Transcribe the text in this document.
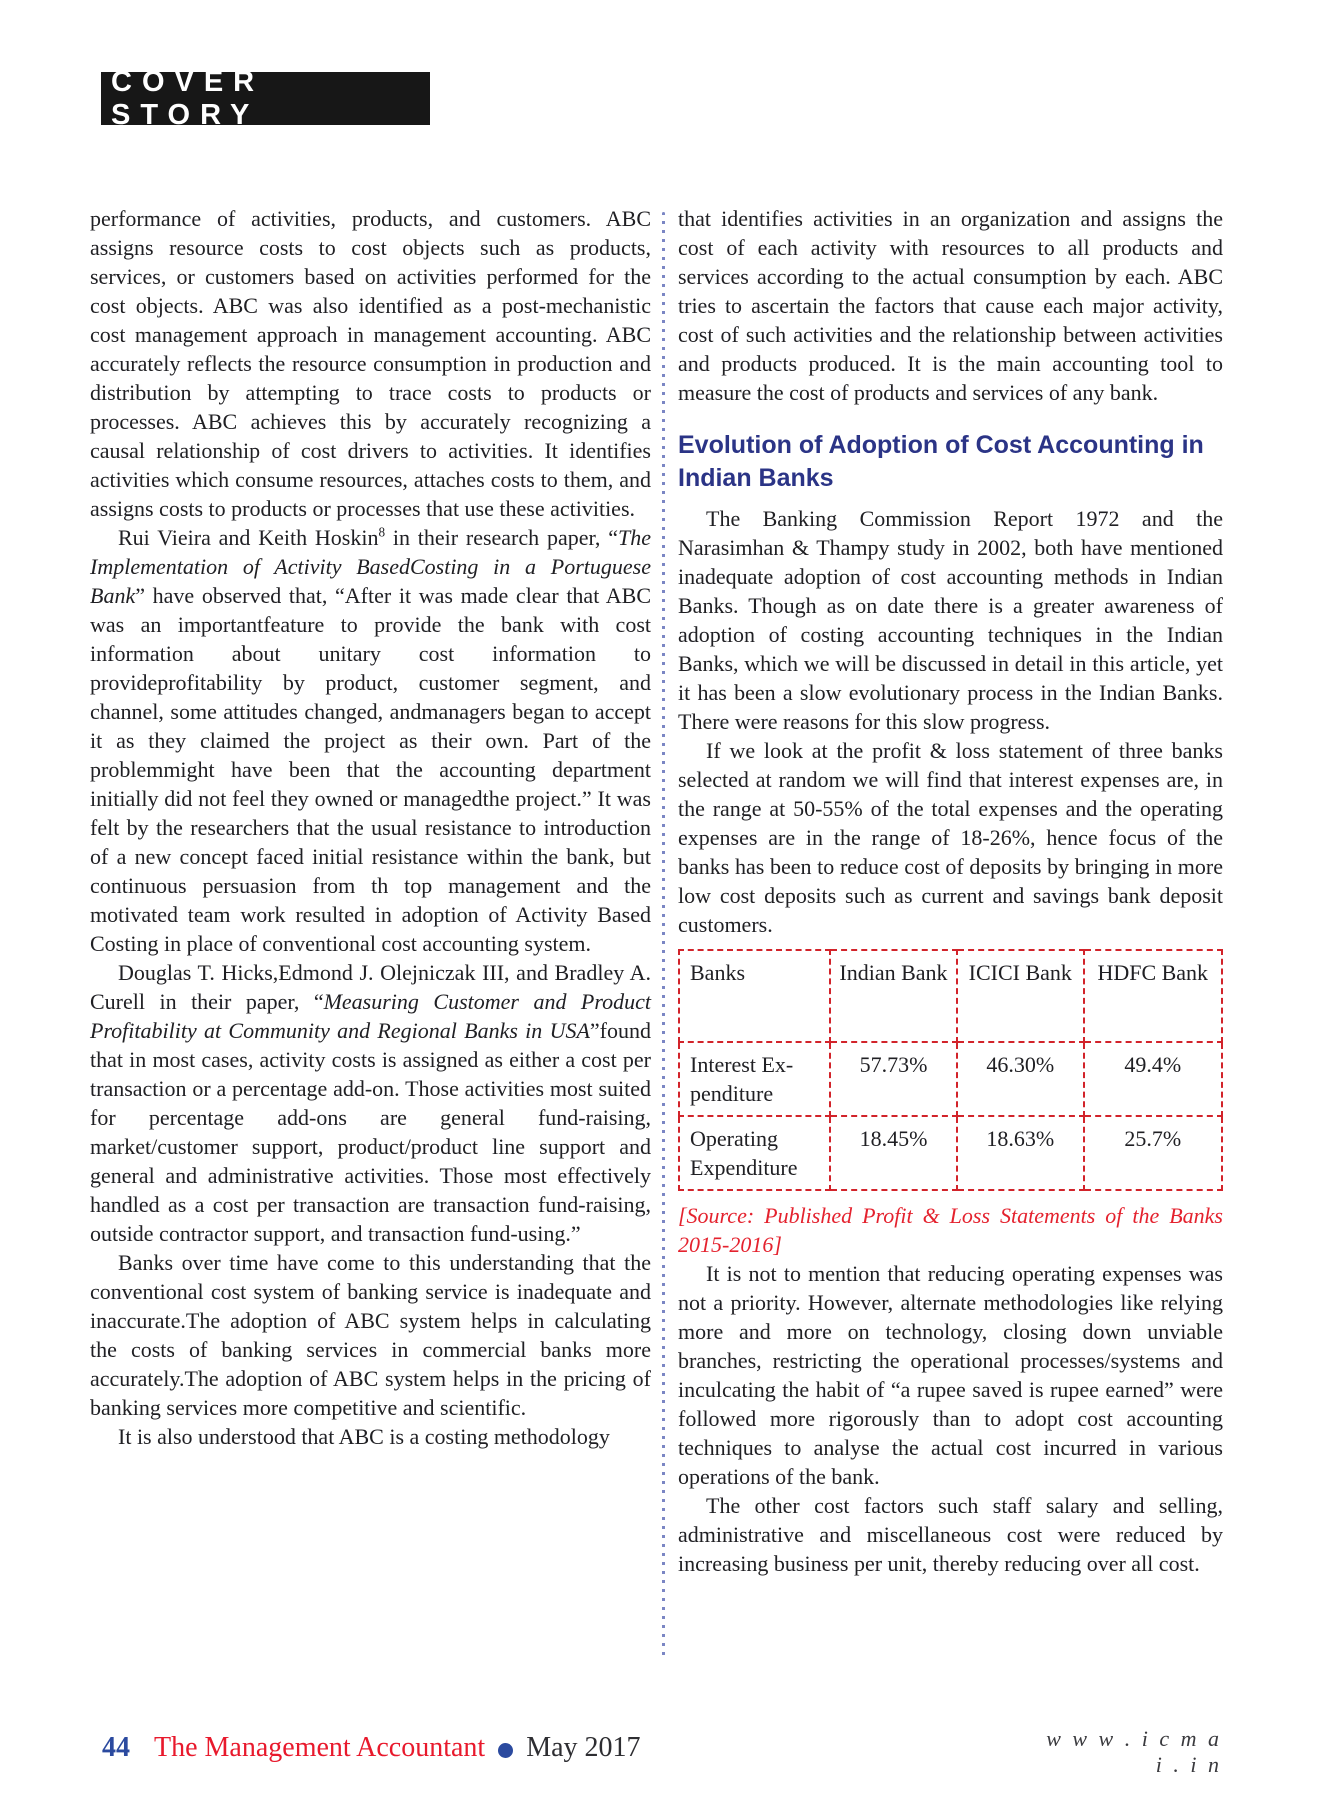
COVER STORY

performance of activities, products, and customers. ABC assigns resource costs to cost objects such as products, services, or customers based on activities performed for the cost objects. ABC was also identified as a post-mechanistic cost management approach in management accounting. ABC accurately reflects the resource consumption in production and distribution by attempting to trace costs to products or processes. ABC achieves this by accurately recognizing a causal relationship of cost drivers to activities. It identifies activities which consume resources, attaches costs to them, and assigns costs to products or processes that use these activities.

Rui Vieira and Keith Hoskin$^8$ in their research paper, “The Implementation of Activity BasedCosting in a Portuguese Bank” have observed that, “After it was made clear that ABC was an importantfeature to provide the bank with cost information about unitary cost information to provideprofitability by product, customer segment, and channel, some attitudes changed, andmanagers began to accept it as they claimed the project as their own. Part of the problemmight have been that the accounting department initially did not feel they owned or managedthe project.” It was felt by the researchers that the usual resistance to introduction of a new concept faced initial resistance within the bank, but continuous persuasion from th top management and the motivated team work resulted in adoption of Activity Based Costing in place of conventional cost accounting system.

Douglas T. Hicks,Edmond J. Olejniczak III, and Bradley A. Curell in their paper, “Measuring Customer and Product Profitability at Community and Regional Banks in USA”found that in most cases, activity costs is assigned as either a cost per transaction or a percentage add-on. Those activities most suited for percentage add-ons are general fund-raising, market/customer support, product/product line support and general and administrative activities. Those most effectively handled as a cost per transaction are transaction fund-raising, outside contractor support, and transaction fund-using.”

Banks over time have come to this understanding that the conventional cost system of banking service is inadequate and inaccurate.The adoption of ABC system helps in calculating the costs of banking services in commercial banks more accurately.The adoption of ABC system helps in the pricing of banking services more competitive and scientific.

It is also understood that ABC is a costing methodology

that identifies activities in an organization and assigns the cost of each activity with resources to all products and services according to the actual consumption by each. ABC tries to ascertain the factors that cause each major activity, cost of such activities and the relationship between activities and products produced. It is the main accounting tool to measure the cost of products and services of any bank.

Evolution of Adoption of Cost Accounting in Indian Banks

The Banking Commission Report 1972 and the Narasimhan & Thampy study in 2002, both have mentioned inadequate adoption of cost accounting methods in Indian Banks. Though as on date there is a greater awareness of adoption of costing accounting techniques in the Indian Banks, which we will be discussed in detail in this article, yet it has been a slow evolutionary process in the Indian Banks. There were reasons for this slow progress.

If we look at the profit & loss statement of three banks selected at random we will find that interest expenses are, in the range at 50-55% of the total expenses and the operating expenses are in the range of 18-26%, hence focus of the banks has been to reduce cost of deposits by bringing in more low cost deposits such as current and savings bank deposit customers.

Banks	Indian Bank	ICICI Bank	HDFC Bank
Interest Ex-penditure	57.73%	46.30%	49.4%
Operating Expenditure	18.45%	18.63%	25.7%

[Source: Published Profit & Loss Statements of the Banks 2015-2016]

It is not to mention that reducing operating expenses was not a priority. However, alternate methodologies like relying more and more on technology, closing down unviable branches, restricting the operational processes/systems and inculcating the habit of “a rupee saved is rupee earned” were followed more rigorously than to adopt cost accounting techniques to analyse the actual cost incurred in various operations of the bank.

The other cost factors such staff salary and selling, administrative and miscellaneous cost were reduced by increasing business per unit, thereby reducing over all cost.

44 The Management Accountant May 2017	w w w . i c m a i . i n
